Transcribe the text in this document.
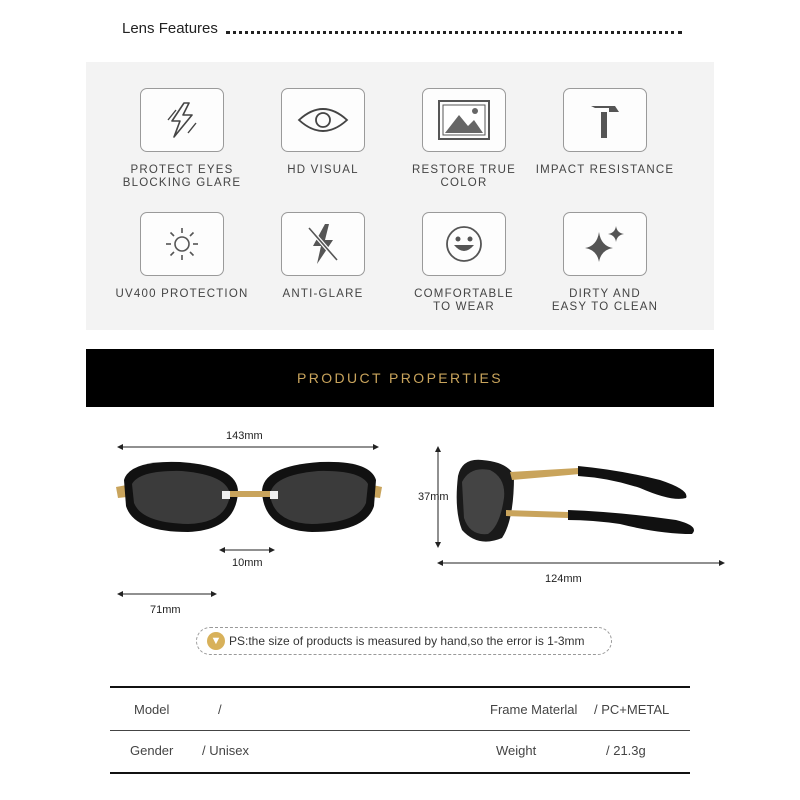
Lens Features
PROTECT EYES
BLOCKING GLARE
HD VISUAL	RESTORE TRUE COLOR
IMPACT RESISTANCE
UV400 PROTECTION	ANTI-GLARE	COMFORTABLE
TO WEAR
DIRTY AND
EASY TO CLEAN
PRODUCT PROPERTIES
143mm
10mm
71mm
37mm
124mm
▼ PS:the size of products is measured by hand,so the error is 1-3mm
Model	/	Frame Materlal / PC+METAL
Gender / Unisex	Weight	/ 21.3g
